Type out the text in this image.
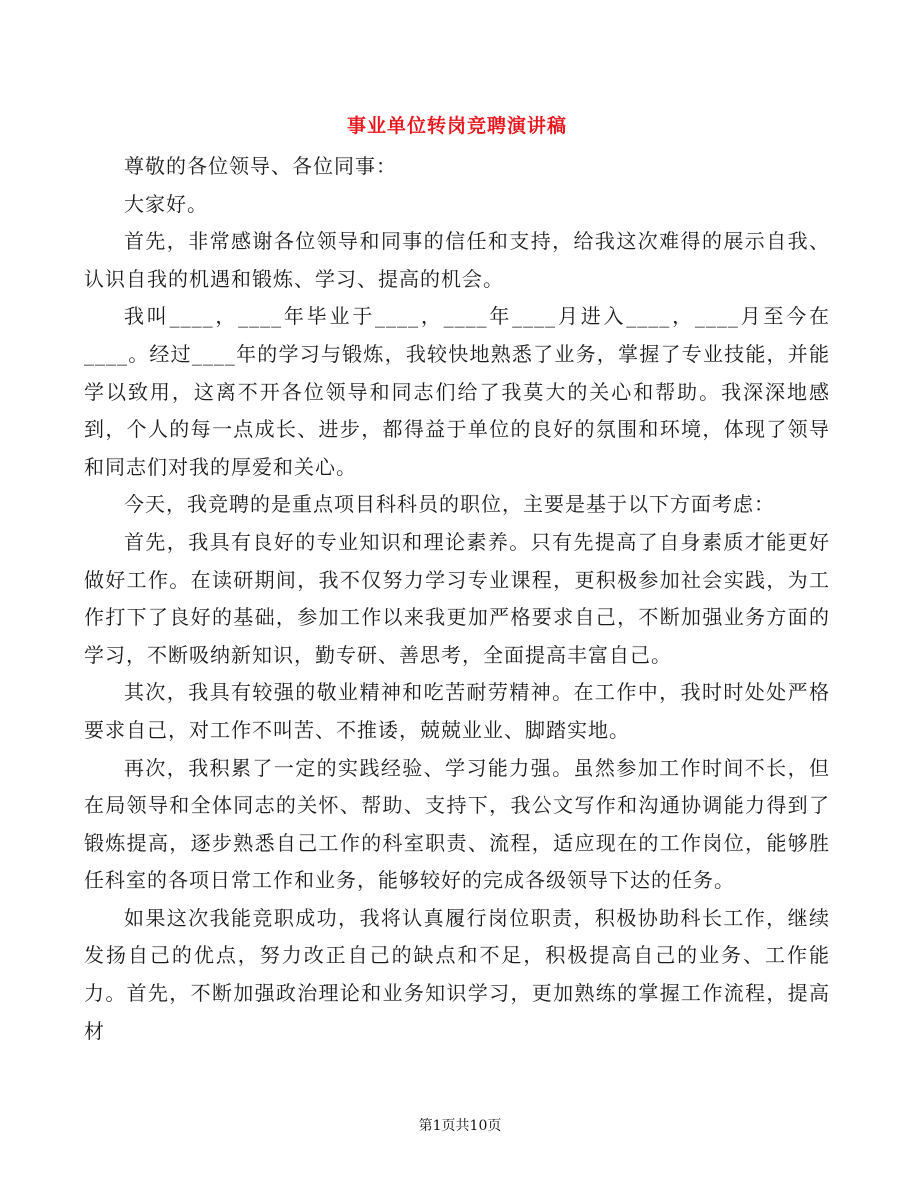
事业单位转岗竞聘演讲稿

尊敬的各位领导、各位同事：

大家好。

首先，非常感谢各位领导和同事的信任和支持，给我这次难得的展示自我、认识自我的机遇和锻炼、学习、提高的机会。

我叫____，____年毕业于____，____年____月进入____，____月至今在____。经过____年的学习与锻炼，我较快地熟悉了业务，掌握了专业技能，并能学以致用，这离不开各位领导和同志们给了我莫大的关心和帮助。我深深地感到，个人的每一点成长、进步，都得益于单位的良好的氛围和环境，体现了领导和同志们对我的厚爱和关心。

今天，我竞聘的是重点项目科科员的职位，主要是基于以下方面考虑：

首先，我具有良好的专业知识和理论素养。只有先提高了自身素质才能更好做好工作。在读研期间，我不仅努力学习专业课程，更积极参加社会实践，为工作打下了良好的基础，参加工作以来我更加严格要求自己，不断加强业务方面的学习，不断吸纳新知识，勤专研、善思考，全面提高丰富自己。

其次，我具有较强的敬业精神和吃苦耐劳精神。在工作中，我时时处处严格要求自己，对工作不叫苦、不推诿，兢兢业业、脚踏实地。

再次，我积累了一定的实践经验、学习能力强。虽然参加工作时间不长，但在局领导和全体同志的关怀、帮助、支持下，我公文写作和沟通协调能力得到了锻炼提高，逐步熟悉自己工作的科室职责、流程，适应现在的工作岗位，能够胜任科室的各项日常工作和业务，能够较好的完成各级领导下达的任务。

如果这次我能竞职成功，我将认真履行岗位职责，积极协助科长工作，继续发扬自己的优点，努力改正自己的缺点和不足，积极提高自己的业务、工作能力。首先，不断加强政治理论和业务知识学习，更加熟练的掌握工作流程，提高材

第1页共10页
